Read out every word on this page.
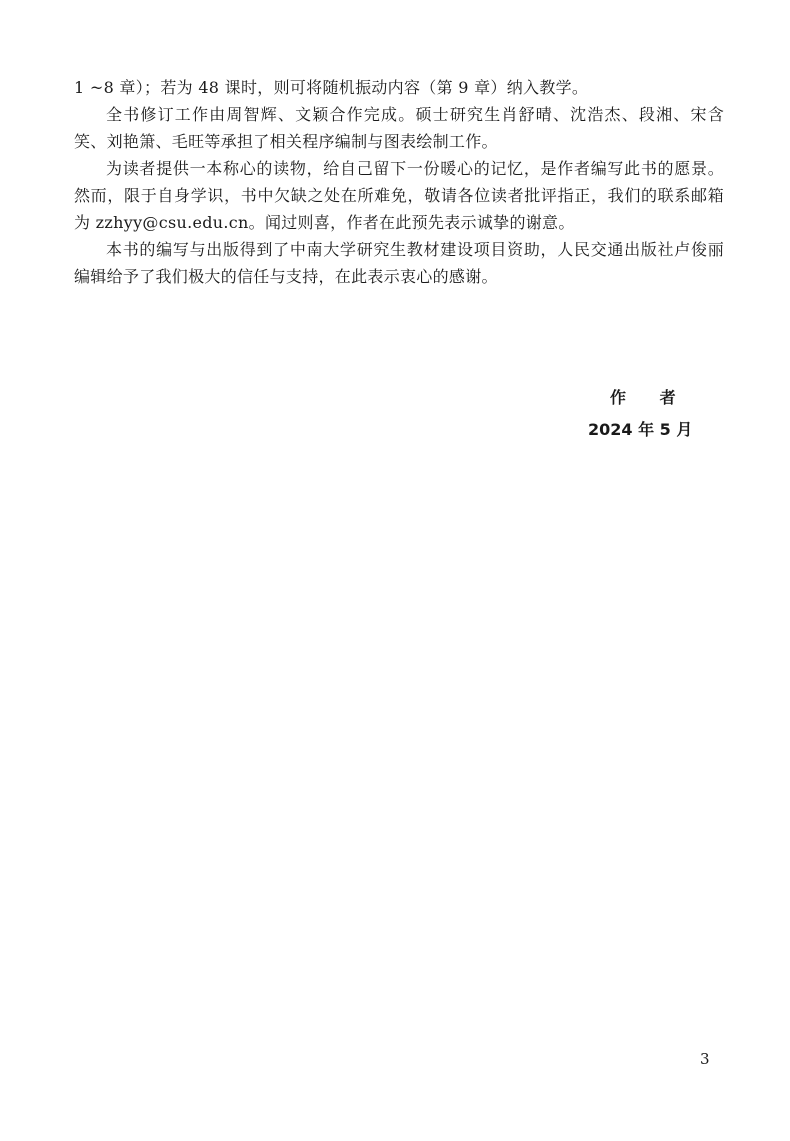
1 ~8 章）；若为 48 课时，则可将随机振动内容（第 9 章）纳入教学。

全书修订工作由周智辉、文颖合作完成。硕士研究生肖舒晴、沈浩杰、段湘、宋含笑、刘艳箫、毛旺等承担了相关程序编制与图表绘制工作。

为读者提供一本称心的读物，给自己留下一份暖心的记忆，是作者编写此书的愿景。然而，限于自身学识，书中欠缺之处在所难免，敬请各位读者批评指正，我们的联系邮箱为 zzhyy@csu.edu.cn。闻过则喜，作者在此预先表示诚挚的谢意。

本书的编写与出版得到了中南大学研究生教材建设项目资助，人民交通出版社卢俊丽编辑给予了我们极大的信任与支持，在此表示衷心的感谢。

作 者
2024 年 5 月
3
